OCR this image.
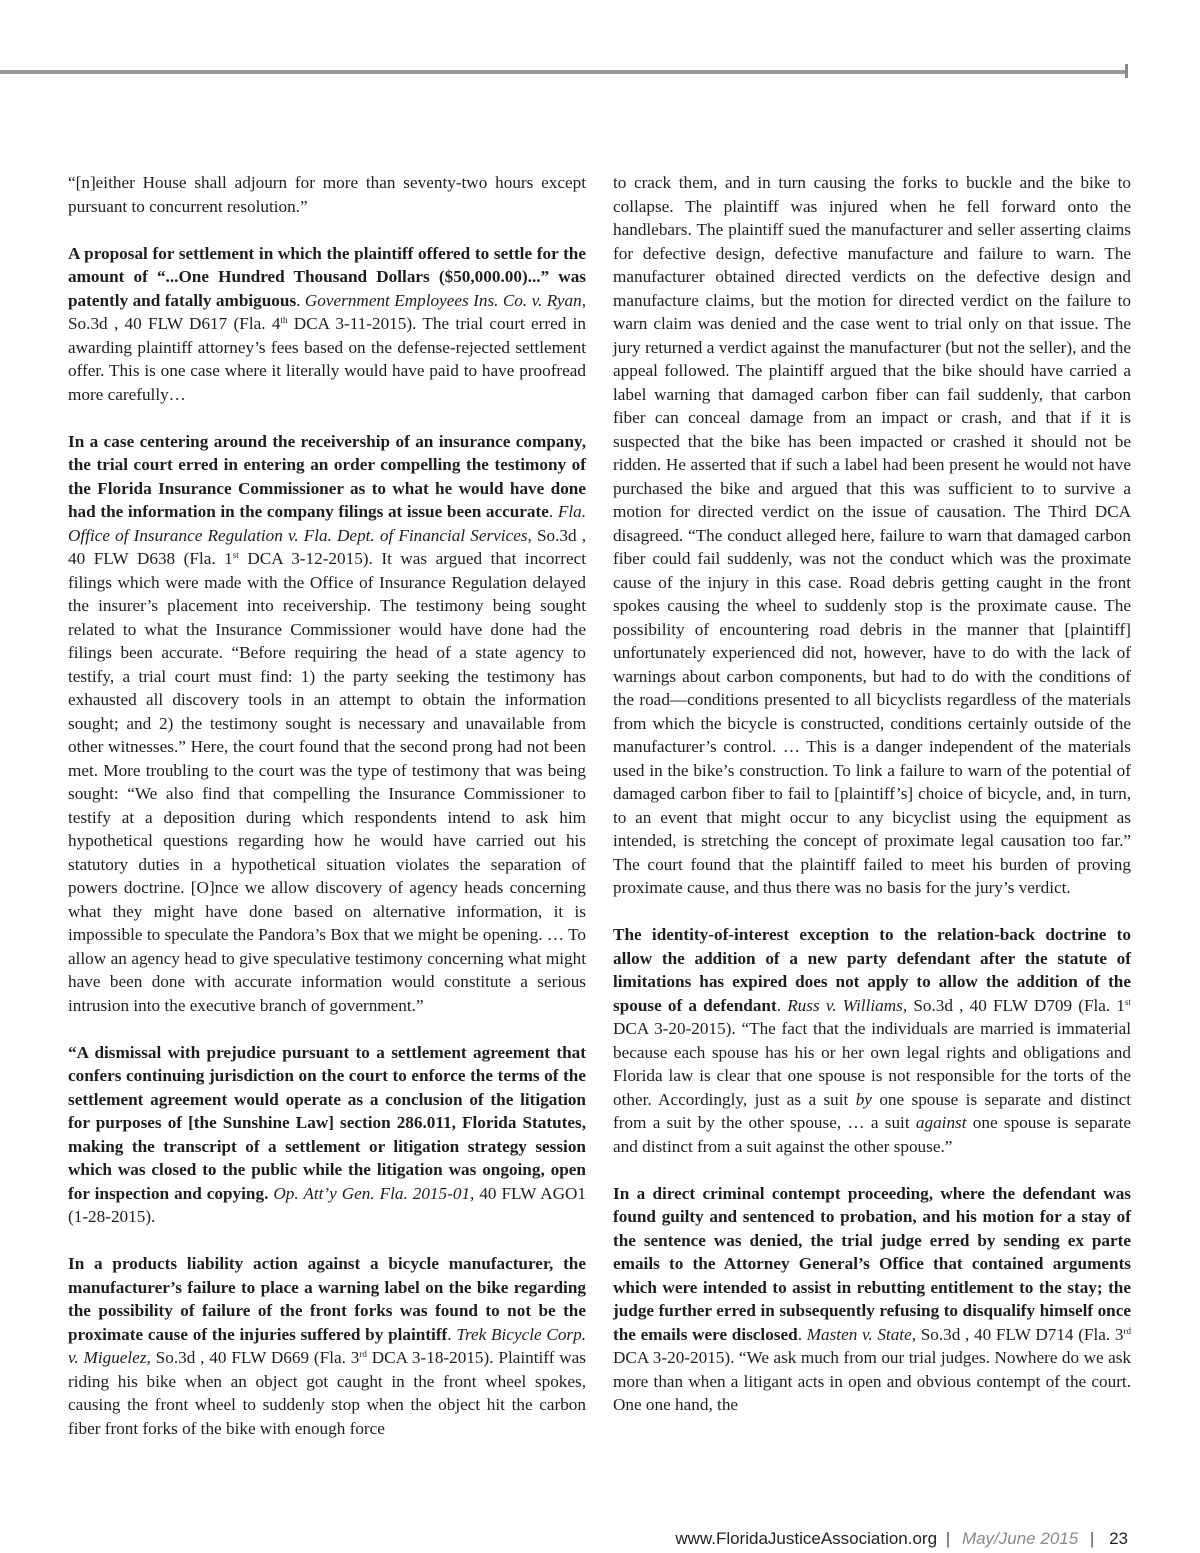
“[n]either House shall adjourn for more than seventy-two hours except pursuant to concurrent resolution.”

A proposal for settlement in which the plaintiff offered to settle for the amount of “...One Hundred Thousand Dollars ($50,000.00)...” was patently and fatally ambiguous. Government Employees Ins. Co. v. Ryan, So.3d , 40 FLW D617 (Fla. 4th DCA 3-11-2015). The trial court erred in awarding plaintiff attorney’s fees based on the defense-rejected settlement offer. This is one case where it literally would have paid to have proofread more carefully…

In a case centering around the receivership of an insurance company, the trial court erred in entering an order compelling the testimony of the Florida Insurance Commissioner as to what he would have done had the information in the company filings at issue been accurate. Fla. Office of Insurance Regulation v. Fla. Dept. of Financial Services, So.3d , 40 FLW D638 (Fla. 1st DCA 3-12-2015). It was argued that incorrect filings which were made with the Office of Insurance Regulation delayed the insurer’s placement into receivership. The testimony being sought related to what the Insurance Commissioner would have done had the filings been accurate. “Before requiring the head of a state agency to testify, a trial court must find: 1) the party seeking the testimony has exhausted all discovery tools in an attempt to obtain the information sought; and 2) the testimony sought is necessary and unavailable from other witnesses.” Here, the court found that the second prong had not been met. More troubling to the court was the type of testimony that was being sought: “We also find that compelling the Insurance Commissioner to testify at a deposition during which respondents intend to ask him hypothetical questions regarding how he would have carried out his statutory duties in a hypothetical situation violates the separation of powers doctrine. [O]nce we allow discovery of agency heads concerning what they might have done based on alternative information, it is impossible to speculate the Pandora’s Box that we might be opening. … To allow an agency head to give speculative testimony concerning what might have been done with accurate information would constitute a serious intrusion into the executive branch of government.”

“A dismissal with prejudice pursuant to a settlement agreement that confers continuing jurisdiction on the court to enforce the terms of the settlement agreement would operate as a conclusion of the litigation for purposes of [the Sunshine Law] section 286.011, Florida Statutes, making the transcript of a settlement or litigation strategy session which was closed to the public while the litigation was ongoing, open for inspection and copying. Op. Att’y Gen. Fla. 2015-01, 40 FLW AGO1 (1-28-2015).

In a products liability action against a bicycle manufacturer, the manufacturer’s failure to place a warning label on the bike regarding the possibility of failure of the front forks was found to not be the proximate cause of the injuries suffered by plaintiff. Trek Bicycle Corp. v. Miguelez, So.3d , 40 FLW D669 (Fla. 3rd DCA 3-18-2015). Plaintiff was riding his bike when an object got caught in the front wheel spokes, causing the front wheel to suddenly stop when the object hit the carbon fiber front forks of the bike with enough force

to crack them, and in turn causing the forks to buckle and the bike to collapse. The plaintiff was injured when he fell forward onto the handlebars. The plaintiff sued the manufacturer and seller asserting claims for defective design, defective manufacture and failure to warn. The manufacturer obtained directed verdicts on the defective design and manufacture claims, but the motion for directed verdict on the failure to warn claim was denied and the case went to trial only on that issue. The jury returned a verdict against the manufacturer (but not the seller), and the appeal followed. The plaintiff argued that the bike should have carried a label warning that damaged carbon fiber can fail suddenly, that carbon fiber can conceal damage from an impact or crash, and that if it is suspected that the bike has been impacted or crashed it should not be ridden. He asserted that if such a label had been present he would not have purchased the bike and argued that this was sufficient to to survive a motion for directed verdict on the issue of causation. The Third DCA disagreed. “The conduct alleged here, failure to warn that damaged carbon fiber could fail suddenly, was not the conduct which was the proximate cause of the injury in this case. Road debris getting caught in the front spokes causing the wheel to suddenly stop is the proximate cause. The possibility of encountering road debris in the manner that [plaintiff] unfortunately experienced did not, however, have to do with the lack of warnings about carbon components, but had to do with the conditions of the road—conditions presented to all bicyclists regardless of the materials from which the bicycle is constructed, conditions certainly outside of the manufacturer’s control. … This is a danger independent of the materials used in the bike’s construction. To link a failure to warn of the potential of damaged carbon fiber to fail to [plaintiff’s] choice of bicycle, and, in turn, to an event that might occur to any bicyclist using the equipment as intended, is stretching the concept of proximate legal causation too far.” The court found that the plaintiff failed to meet his burden of proving proximate cause, and thus there was no basis for the jury’s verdict.

The identity-of-interest exception to the relation-back doctrine to allow the addition of a new party defendant after the statute of limitations has expired does not apply to allow the addition of the spouse of a defendant. Russ v. Williams, So.3d , 40 FLW D709 (Fla. 1st DCA 3-20-2015). “The fact that the individuals are married is immaterial because each spouse has his or her own legal rights and obligations and Florida law is clear that one spouse is not responsible for the torts of the other. Accordingly, just as a suit by one spouse is separate and distinct from a suit by the other spouse, … a suit against one spouse is separate and distinct from a suit against the other spouse.”

In a direct criminal contempt proceeding, where the defendant was found guilty and sentenced to probation, and his motion for a stay of the sentence was denied, the trial judge erred by sending ex parte emails to the Attorney General’s Office that contained arguments which were intended to assist in rebutting entitlement to the stay; the judge further erred in subsequently refusing to disqualify himself once the emails were disclosed. Masten v. State, So.3d , 40 FLW D714 (Fla. 3rd DCA 3-20-2015). “We ask much from our trial judges. Nowhere do we ask more than when a litigant acts in open and obvious contempt of the court. One one hand, the

www.FloridaJusticeAssociation.org | May/June 2015 | 23
